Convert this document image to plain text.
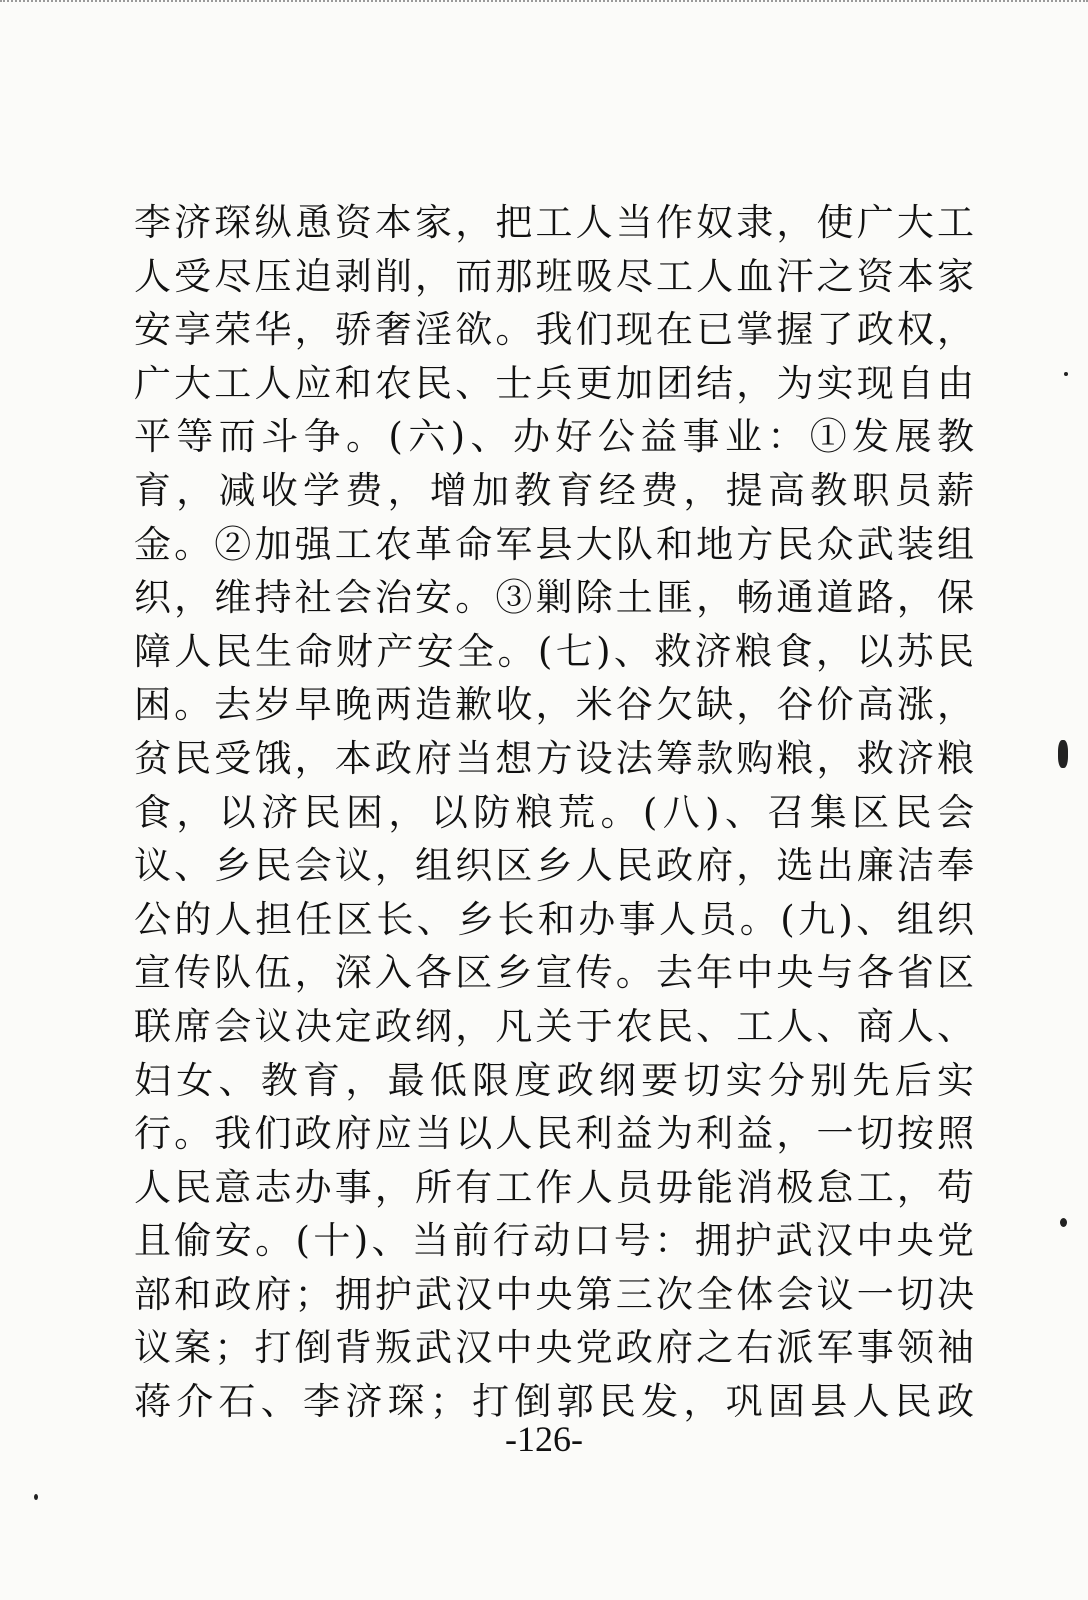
李济琛纵恿资本家，把工人当作奴隶，使广大工
人受尽压迫剥削，而那班吸尽工人血汗之资本家
安享荣华，骄奢淫欲。我们现在已掌握了政权，
广大工人应和农民、士兵更加团结，为实现自由
平等而斗争。(六)、办好公益事业：①发展教
育，减收学费，增加教育经费，提高教职员薪
金。②加强工农革命军县大队和地方民众武装组
织，维持社会治安。③剿除土匪，畅通道路，保
障人民生命财产安全。(七)、救济粮食，以苏民
困。去岁早晚两造歉收，米谷欠缺，谷价高涨，
贫民受饿，本政府当想方设法筹款购粮，救济粮
食，以济民困，以防粮荒。(八)、召集区民会
议、乡民会议，组织区乡人民政府，选出廉洁奉
公的人担任区长、乡长和办事人员。(九)、组织
宣传队伍，深入各区乡宣传。去年中央与各省区
联席会议决定政纲，凡关于农民、工人、商人、
妇女、教育，最低限度政纲要切实分别先后实
行。我们政府应当以人民利益为利益，一切按照
人民意志办事，所有工作人员毋能消极怠工，苟
且偷安。(十)、当前行动口号：拥护武汉中央党
部和政府；拥护武汉中央第三次全体会议一切决
议案；打倒背叛武汉中央党政府之右派军事领袖
蒋介石、李济琛；打倒郭民发，巩固县人民政
-126-
